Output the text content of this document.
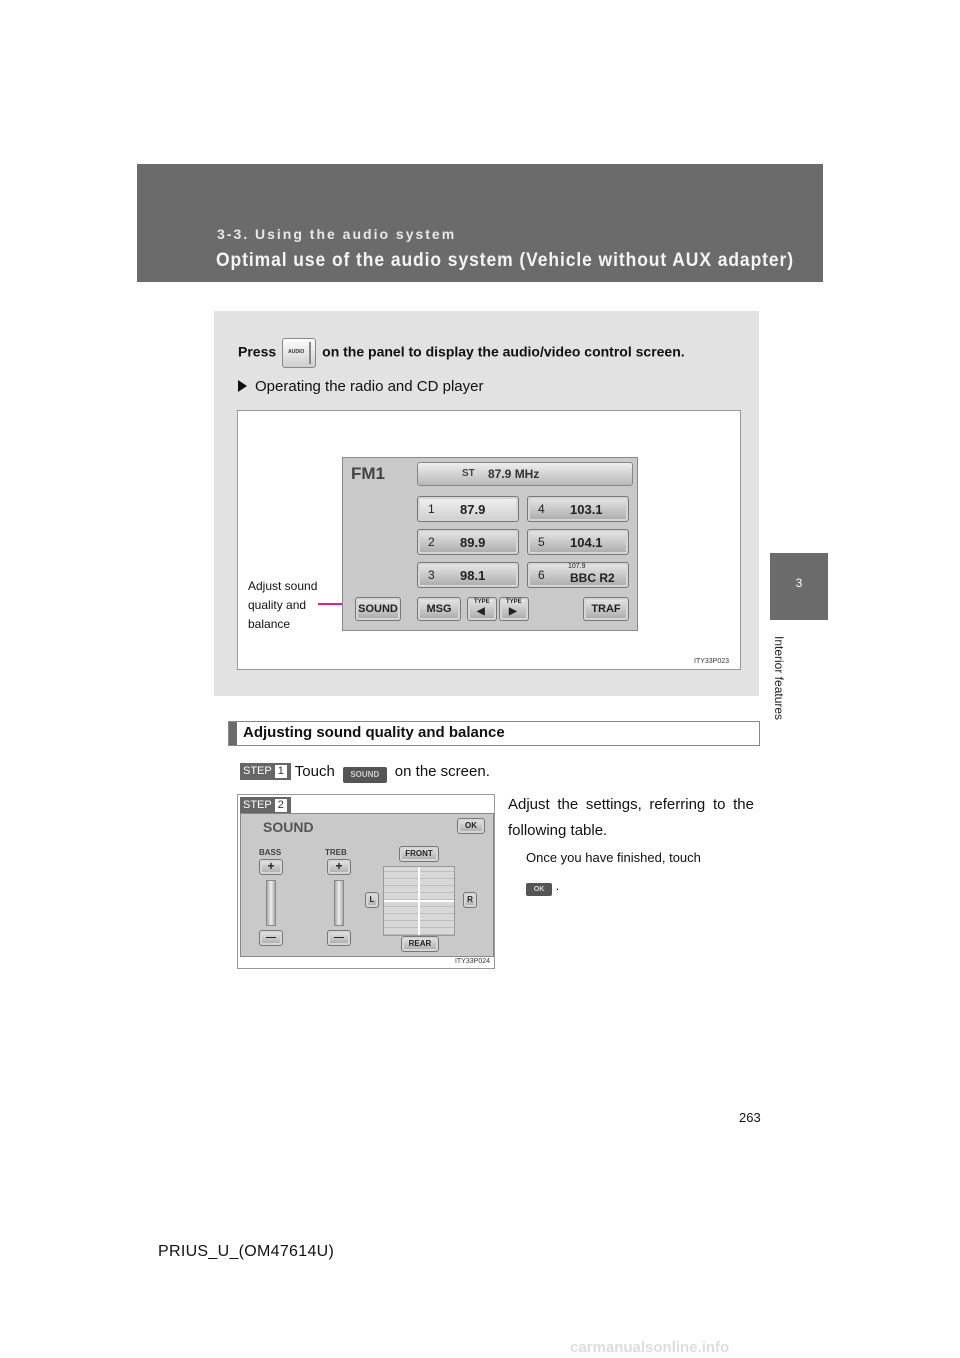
3-3. Using the audio system
Optimal use of the audio system (Vehicle without AUX adapter)
3
Interior features
Press AUDIO on the panel to display the audio/video control screen.
Operating the radio and CD player
ITY33P023
Adjust sound quality and balance
FM1	ST 87.9 MHz
1 87.9
2 89.9
3 98.1
4 103.1
5 104.1
6
107.9
BBC R2
SOUND	MSG
TYPE
◀
TYPE
▶	TRAF
Adjusting sound quality and balance
STEP 1 Touch SOUND on the screen.
STEP 2
SOUND	OK
BASS	TREB
+	+
—	—
FRONT
L	R
REAR
ITY33P024
Adjust the settings, referring to the following table.
Once you have finished, touch
OK .
263
PRIUS_U_(OM47614U)
carmanualsonline.info
